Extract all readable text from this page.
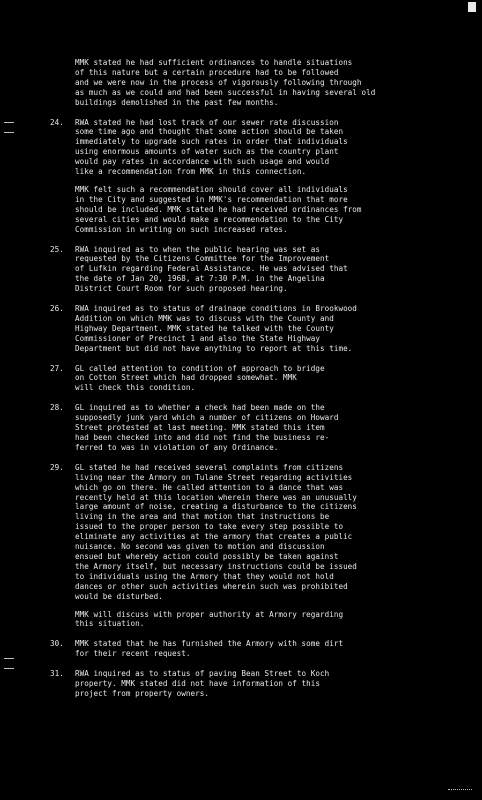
MMK stated he had sufficient ordinances to handle situations
of this nature but a certain procedure had to be followed
and we were now in the process of vigorously following through
as much as we could and had been successful in having several old
buildings demolished in the past few months.

24. RWA stated he had lost track of our sewer rate discussion
some time ago and thought that some action should be taken
immediately to upgrade such rates in order that individuals
using enormous amounts of water such as the country plant
would pay rates in accordance with such usage and would
like a recommendation from MMK in this connection.

MMK felt such a recommendation should cover all individuals
in the City and suggested in MMK's recommendation that more
should be included. MMK stated he had received ordinances from
several cities and would make a recommendation to the City
Commission in writing on such increased rates.

25. RWA inquired as to when the public hearing was set as
requested by the Citizens Committee for the Improvement
of Lufkin regarding Federal Assistance. He was advised that
the date of Jan 20, 1968, at 7:30 P.M. in the Angelina
District Court Room for such proposed hearing.

26. RWA inquired as to status of drainage conditions in Brookwood
Addition on which MMK was to discuss with the County and
Highway Department. MMK stated he talked with the County
Commissioner of Precinct 1 and also the State Highway
Department but did not have anything to report at this time.

27. GL called attention to condition of approach to bridge
on Cotton Street which had dropped somewhat. MMK
will check this condition.

28. GL inquired as to whether a check had been made on the
supposedly junk yard which a number of citizens on Howard
Street protested at last meeting. MMK stated this item
had been checked into and did not find the business re-
ferred to was in violation of any Ordinance.

29. GL stated he had received several complaints from citizens
living near the Armory on Tulane Street regarding activities
which go on there. He called attention to a dance that was
recently held at this location wherein there was an unusually
large amount of noise, creating a disturbance to the citizens
living in the area and that motion that instructions be
issued to the proper person to take every step possible to
eliminate any activities at the armory that creates a public
nuisance. No second was given to motion and discussion
ensued but whereby action could possibly be taken against
the Armory itself, but necessary instructions could be issued
to individuals using the Armory that they would not hold
dances or other such activities wherein such was prohibited
would be disturbed.

MMK will discuss with proper authority at Armory regarding
this situation.

30. MMK stated that he has furnished the Armory with some dirt
for their recent request.

31. RWA inquired as to status of paving Bean Street to Koch
property. MMK stated did not have information of this
project from property owners.
